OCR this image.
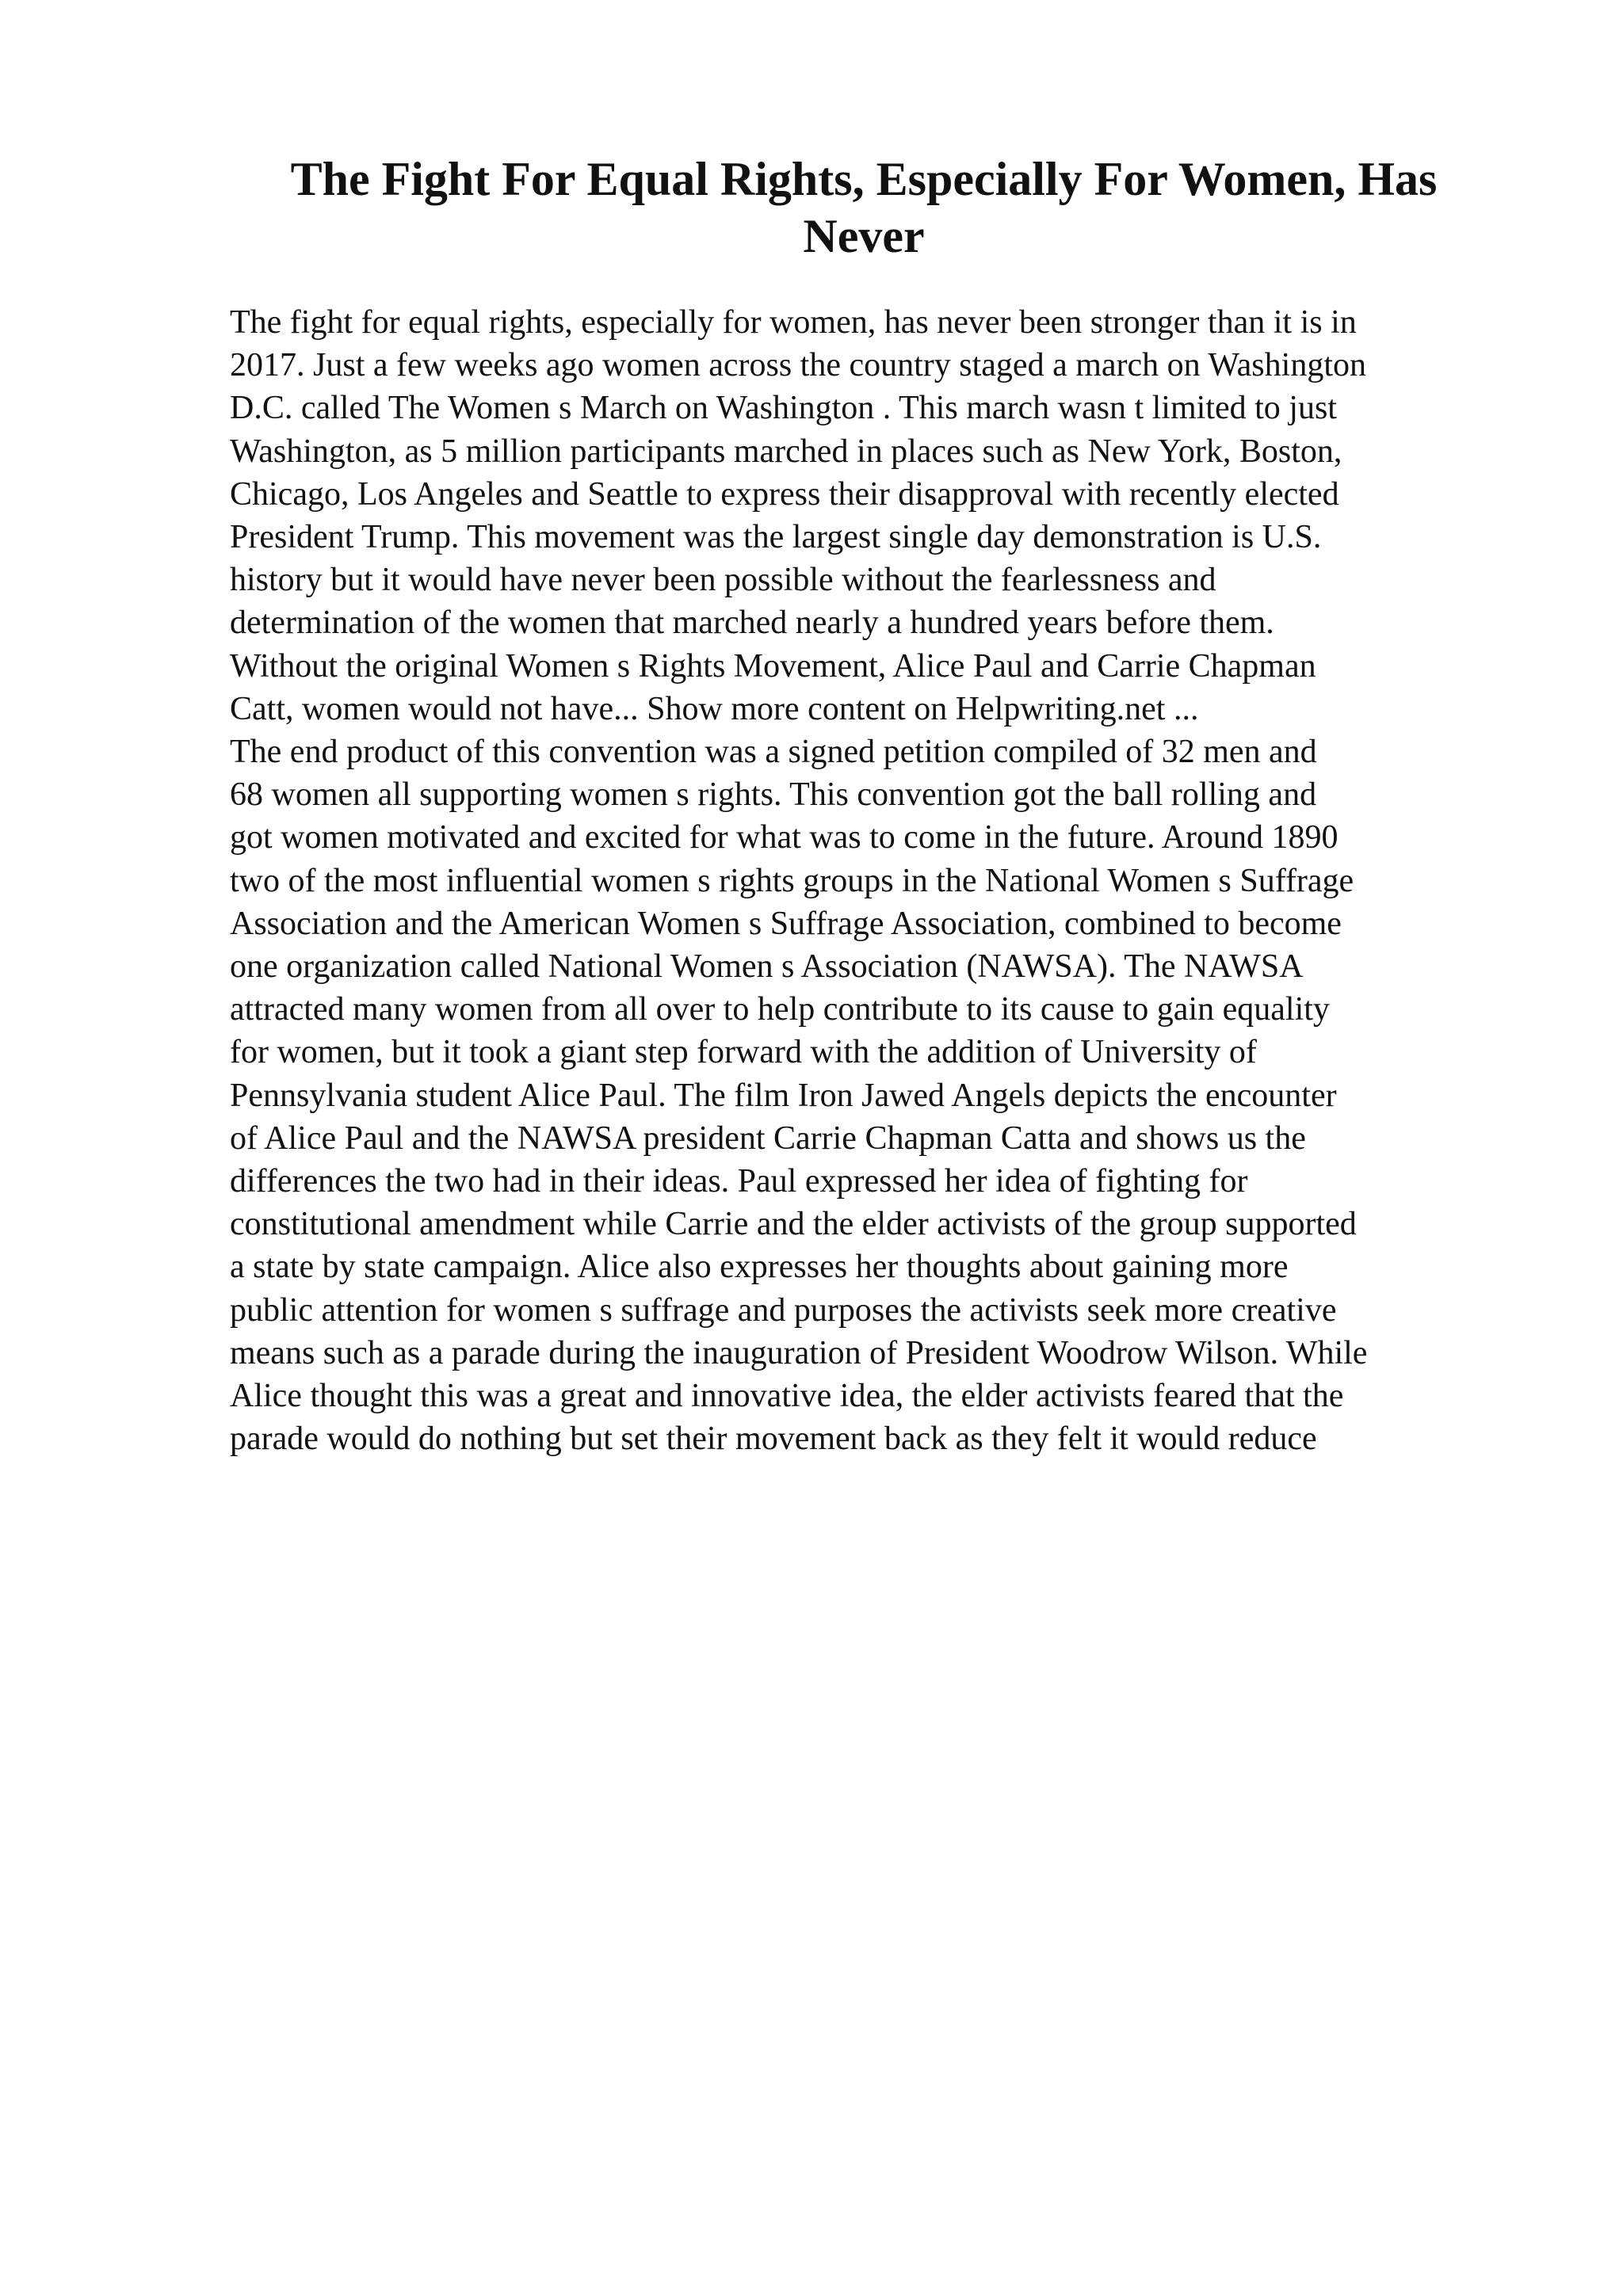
The Fight For Equal Rights, Especially For Women, Has
Never
The fight for equal rights, especially for women, has never been stronger than it is in
2017. Just a few weeks ago women across the country staged a march on Washington
D.C. called The Women s March on Washington . This march wasn t limited to just
Washington, as 5 million participants marched in places such as New York, Boston,
Chicago, Los Angeles and Seattle to express their disapproval with recently elected
President Trump. This movement was the largest single day demonstration is U.S.
history but it would have never been possible without the fearlessness and
determination of the women that marched nearly a hundred years before them.
Without the original Women s Rights Movement, Alice Paul and Carrie Chapman
Catt, women would not have... Show more content on Helpwriting.net ...
The end product of this convention was a signed petition compiled of 32 men and
68 women all supporting women s rights. This convention got the ball rolling and
got women motivated and excited for what was to come in the future. Around 1890
two of the most influential women s rights groups in the National Women s Suffrage
Association and the American Women s Suffrage Association, combined to become
one organization called National Women s Association (NAWSA). The NAWSA
attracted many women from all over to help contribute to its cause to gain equality
for women, but it took a giant step forward with the addition of University of
Pennsylvania student Alice Paul. The film Iron Jawed Angels depicts the encounter
of Alice Paul and the NAWSA president Carrie Chapman Catta and shows us the
differences the two had in their ideas. Paul expressed her idea of fighting for
constitutional amendment while Carrie and the elder activists of the group supported
a state by state campaign. Alice also expresses her thoughts about gaining more
public attention for women s suffrage and purposes the activists seek more creative
means such as a parade during the inauguration of President Woodrow Wilson. While
Alice thought this was a great and innovative idea, the elder activists feared that the
parade would do nothing but set their movement back as they felt it would reduce
